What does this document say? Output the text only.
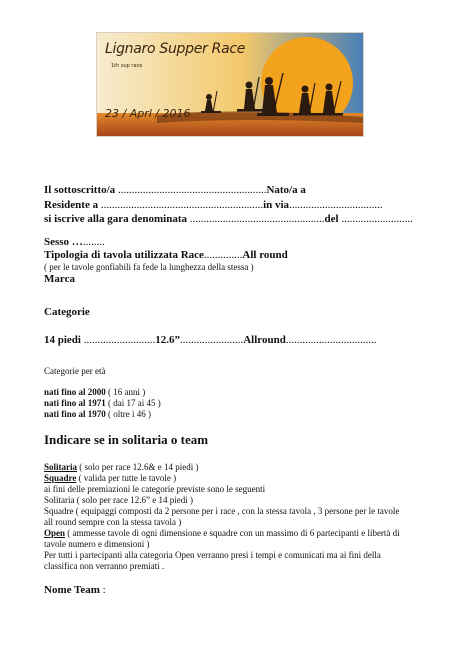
Lignaro Supper Race
1th sup race
23 / Aprl / 2016
Il sottoscritto/a ......................................................Nato/a a
Residente a ...........................................................in via..................................
si iscrive alla gara denominata .................................................del ..........................
Sesso …........
Tipologia di tavola utilizzata Race..............All round
( per le tavole gonfiabili fa fede la lunghezza della stessa )
Marca
Categorie
14 piedi ..........................12.6”.......................Allround.................................
Categorie per età
nati fino al 2000 ( 16 anni )
nati fino al 1971 ( dai 17 ai 45 )
nati fino al 1970 ( oltre i 46 )
Indicare se in solitaria o team
Solitaria ( solo per race 12.6& e 14 piedi )
Squadre ( valida per tutte le tavole )
ai fini delle premiazioni le categorie previste sono le seguenti
Solitaria ( solo per race 12.6” e 14 piedi )
Squadre ( equipaggi composti da 2 persone per i race , con la stessa tavola , 3 persone per le tavole
all round sempre con la stessa tavola )
Open ( ammesse tavole di ogni dimensione e squadre con un massimo di 6 partecipanti e libertà di
tavole numero e dimensioni )
Per tutti i partecipanti alla categoria Open verranno presi i tempi e comunicati ma ai fini della
classifica non verranno premiati .
Nome Team :
